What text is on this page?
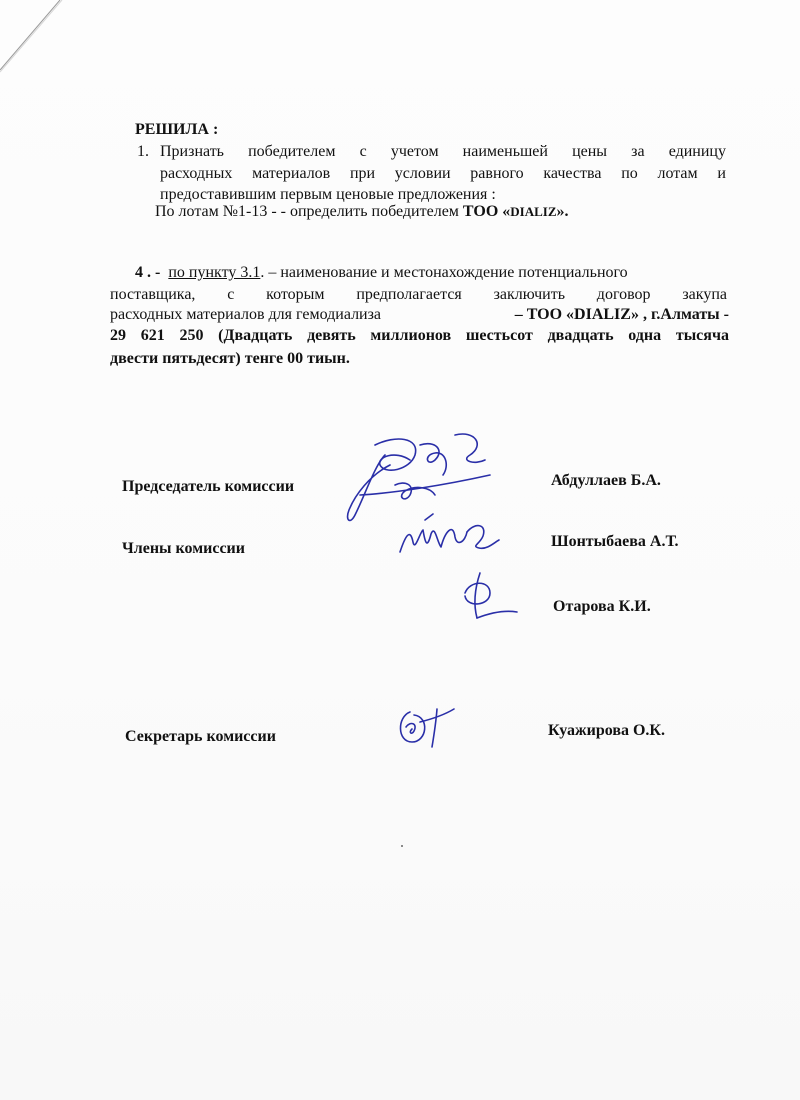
РЕШИЛА :
1. Признать победителем с учетом наименьшей цены за единицу
расходных материалов при условии равного качества по лотам и
предоставившим первым ценовые предложения :
По лотам №1-13 - - определить победителем ТОО «DIALIZ».
4 . - по пункту 3.1. – наименование и местонахождение потенциального
поставщика, с которым предполагается заключить договор закупа
расходных материалов для гемодиализа	– ТОО «DIALIZ» , г.Алматы -
29 621 250 (Двадцать девять миллионов шестьсот двадцать одна тысяча
двести пятьдесят) тенге 00 тиын.
Председатель комиссии	Абдуллаев Б.А.
Члены комиссии	Шонтыбаева А.Т.
Отарова К.И.
Секретарь комиссии	Куажирова О.К.
